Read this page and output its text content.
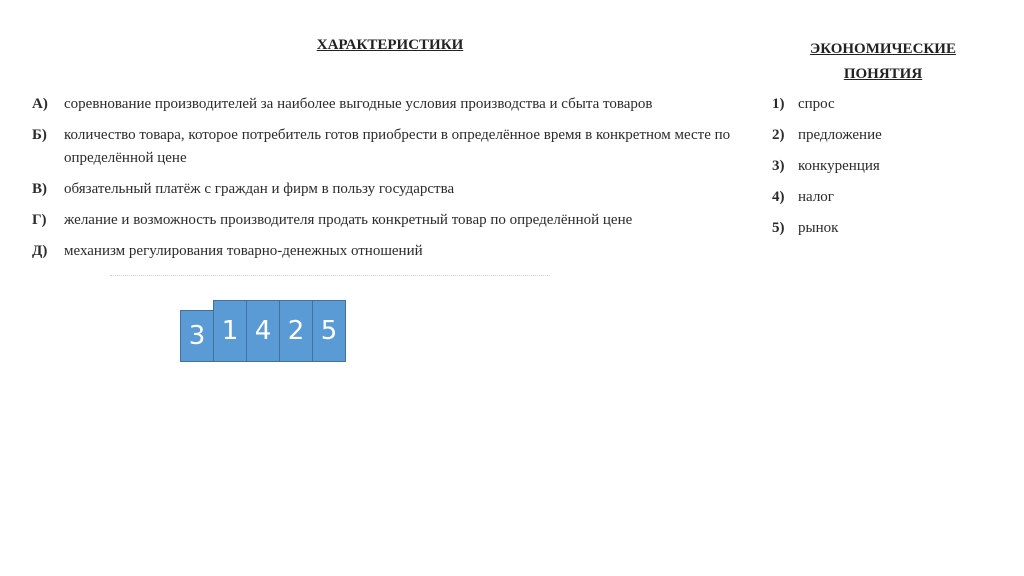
ХАРАКТЕРИСТИКИ	ЭКОНОМИЧЕСКИЕ ПОНЯТИЯ
А)	соревнование производителей за наиболее выгодные условия производства и сбыта товаров
Б)	количество товара, которое потребитель готов приобрести в определённое время в конкретном месте по определённой цене
В)	обязательный платёж с граждан и фирм в пользу государства
Г)	желание и возможность производителя продать конкретный товар по определённой цене
Д)	механизм регулирования товарно-денежных отношений
1) спрос
2) предложение
3) конкуренция
4) налог
5) рынок
3 1 4 2 5
